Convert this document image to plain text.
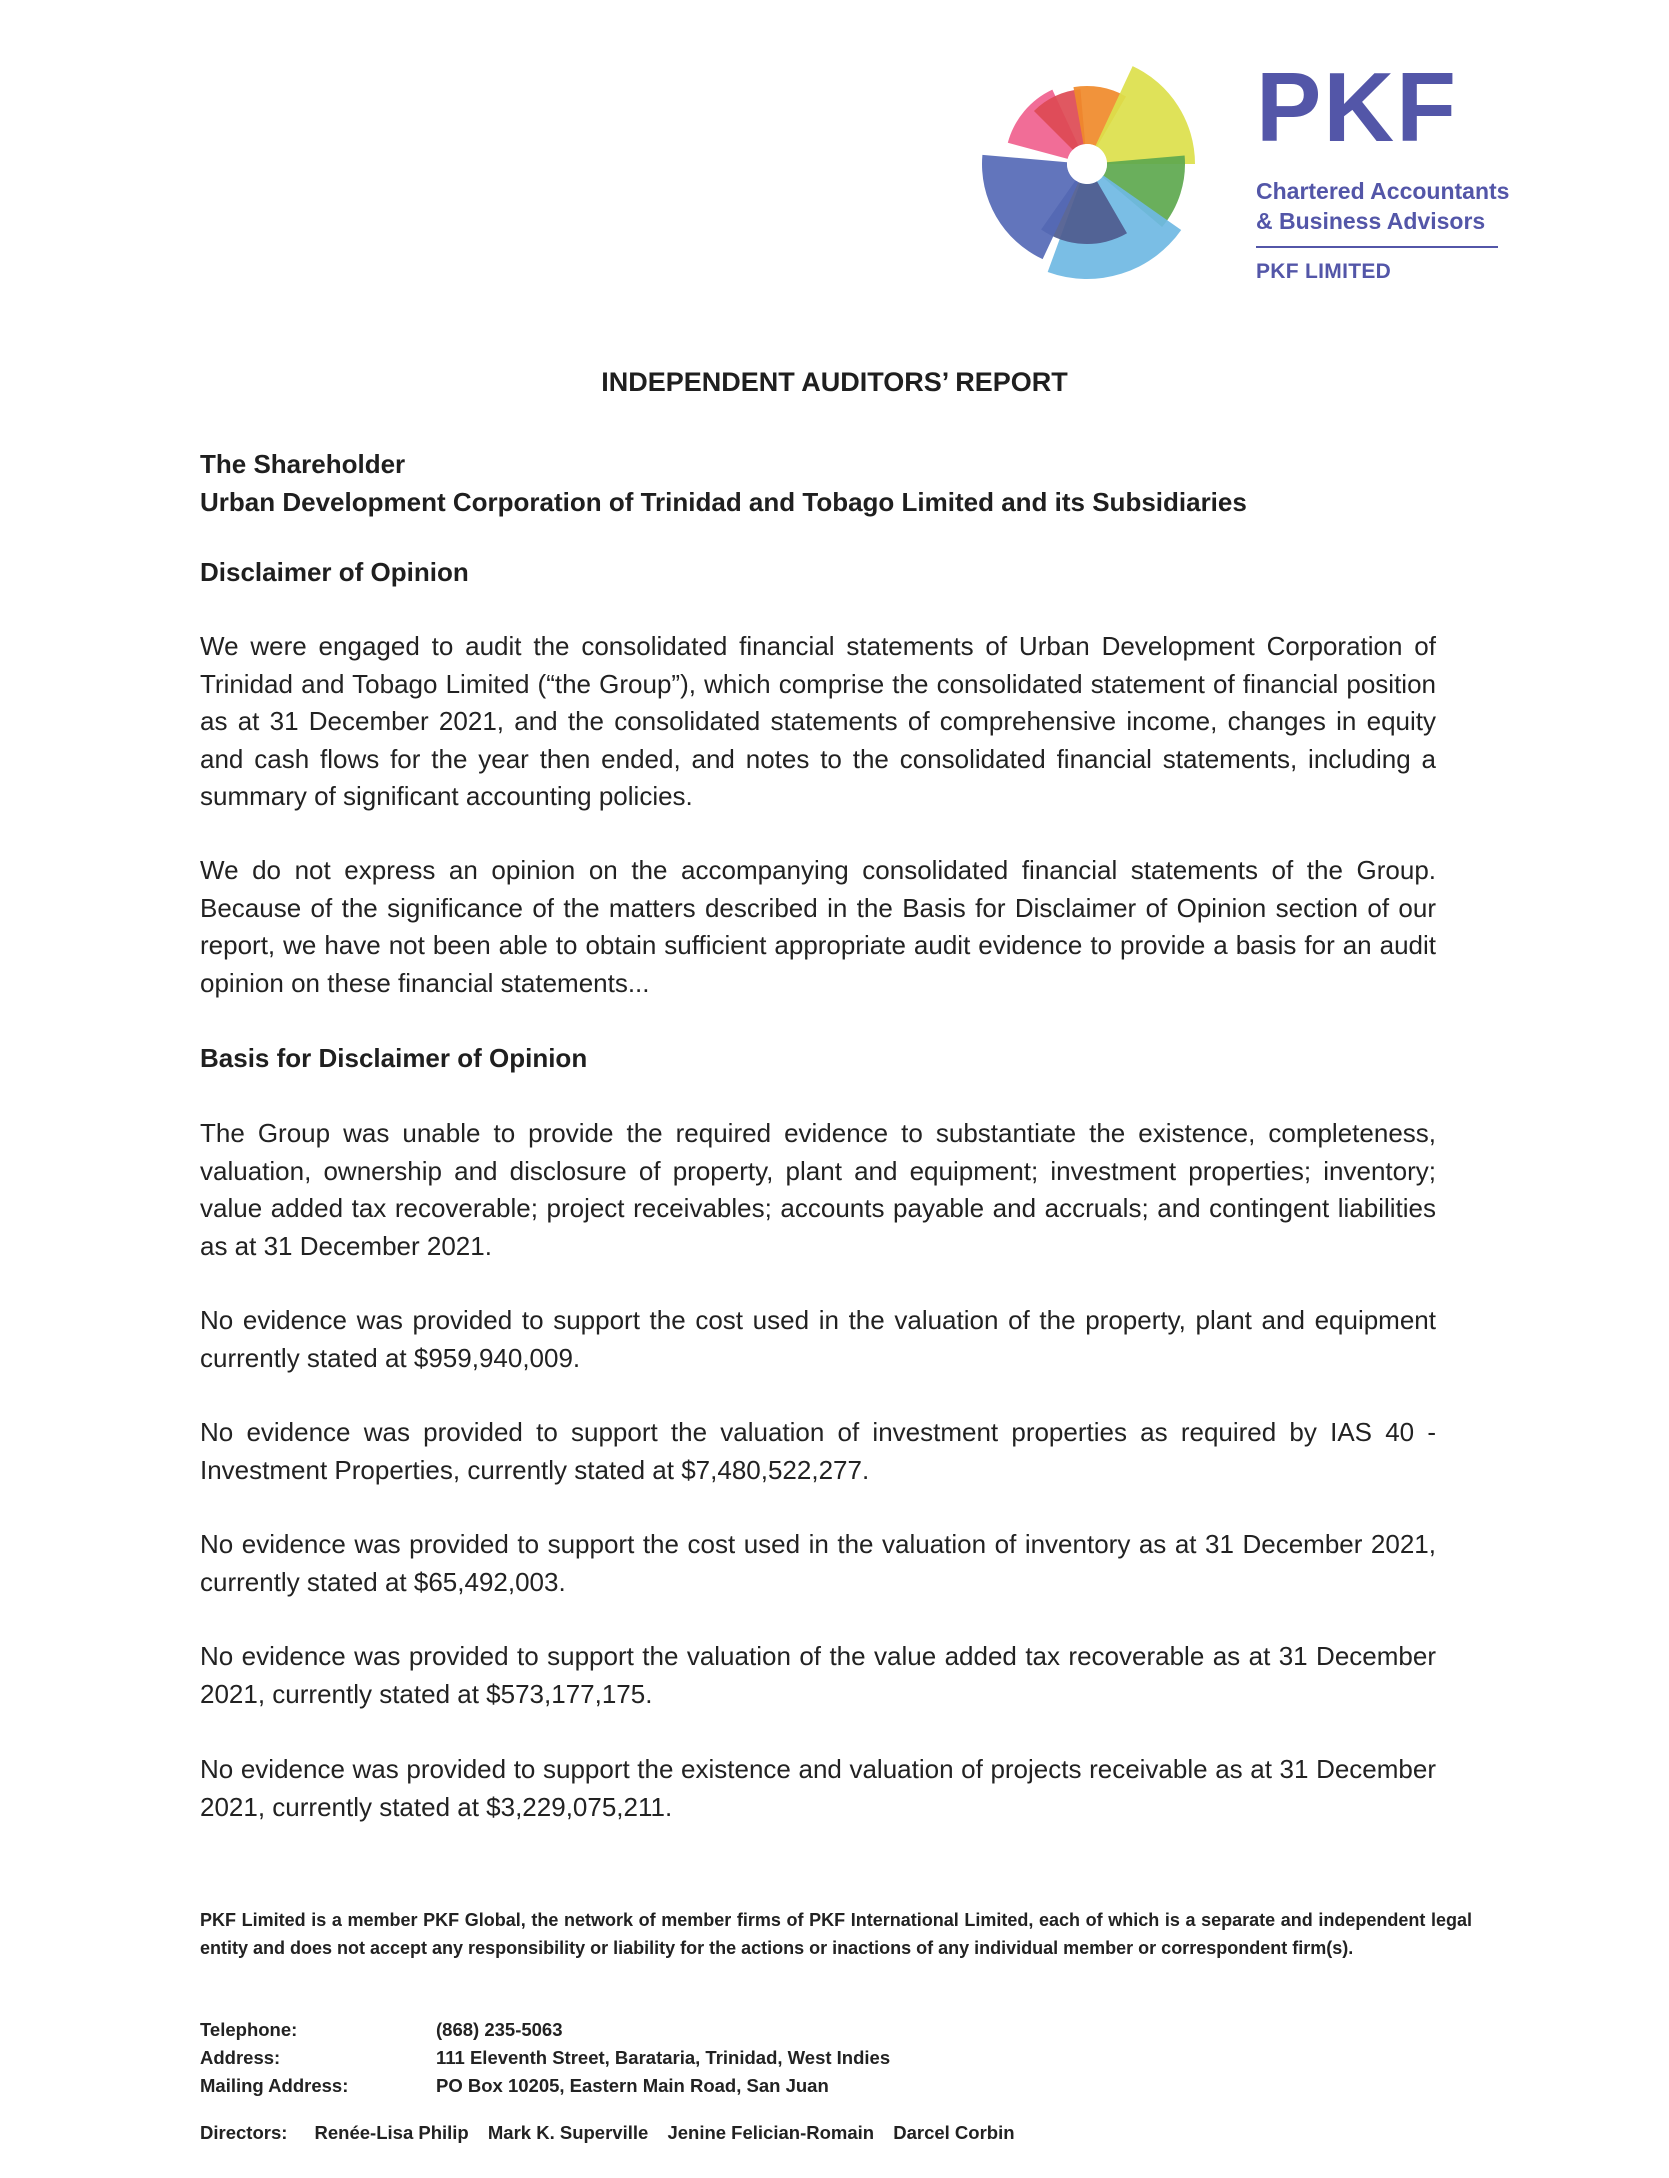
PKF
Chartered Accountants
& Business Advisors
PKF LIMITED
INDEPENDENT AUDITORS’ REPORT
The Shareholder
Urban Development Corporation of Trinidad and Tobago Limited and its Subsidiaries
Disclaimer of Opinion
We were engaged to audit the consolidated financial statements of Urban Development Corporation of Trinidad and Tobago Limited (“the Group”), which comprise the consolidated statement of financial position as at 31 December 2021, and the consolidated statements of comprehensive income, changes in equity and cash flows for the year then ended, and notes to the consolidated financial statements, including a summary of significant accounting policies.
We do not express an opinion on the accompanying consolidated financial statements of the Group. Because of the significance of the matters described in the Basis for Disclaimer of Opinion section of our report, we have not been able to obtain sufficient appropriate audit evidence to provide a basis for an audit opinion on these financial statements...
Basis for Disclaimer of Opinion
The Group was unable to provide the required evidence to substantiate the existence, completeness, valuation, ownership and disclosure of property, plant and equipment; investment properties; inventory; value added tax recoverable; project receivables; accounts payable and accruals; and contingent liabilities as at 31 December 2021.
No evidence was provided to support the cost used in the valuation of the property, plant and equipment currently stated at $959,940,009.
No evidence was provided to support the valuation of investment properties as required by IAS 40 - Investment Properties, currently stated at $7,480,522,277.
No evidence was provided to support the cost used in the valuation of inventory as at 31 December 2021, currently stated at $65,492,003.
No evidence was provided to support the valuation of the value added tax recoverable as at 31 December 2021, currently stated at $573,177,175.
No evidence was provided to support the existence and valuation of projects receivable as at 31 December 2021, currently stated at $3,229,075,211.
PKF Limited is a member PKF Global, the network of member firms of PKF International Limited, each of which is a separate and independent legal entity and does not accept any responsibility or liability for the actions or inactions of any individual member or correspondent firm(s).
Telephone:	(868) 235-5063
Address:	111 Eleventh Street, Barataria, Trinidad, West Indies
Mailing Address:	PO Box 10205, Eastern Main Road, San Juan
Directors: Renée-Lisa Philip Mark K. Superville Jenine Felician-Romain Darcel Corbin
